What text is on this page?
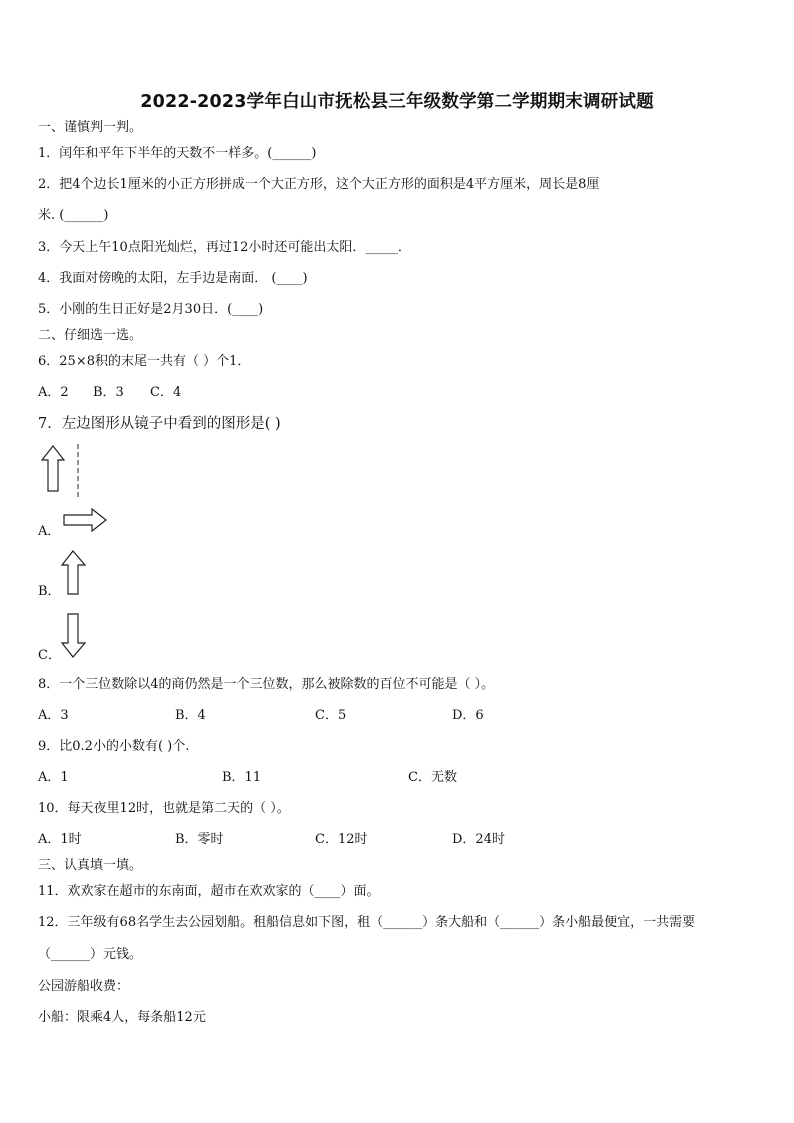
2022-2023学年白山市抚松县三年级数学第二学期期末调研试题
一、谨慎判一判。
1．闰年和平年下半年的天数不一样多。(______)
2．把4个边长1厘米的小正方形拼成一个大正方形，这个大正方形的面积是4平方厘米，周长是8厘
米. (______)
3．今天上午10点阳光灿烂，再过12小时还可能出太阳．_____．
4．我面对傍晚的太阳，左手边是南面． (____)
5．小刚的生日正好是2月30日．(____)
二、仔细选一选。
6．25×8积的末尾一共有（ ）个1．
A．2 B．3 C．4
7．左边图形从镜子中看到的图形是( )
A．
B．
C．
8．一个三位数除以4的商仍然是一个三位数，那么被除数的百位不可能是（ ）。
A．3	B．4	C．5	D．6
9．比0.2小的小数有( )个.
A．1	B．11	C．无数
10．每天夜里12时，也就是第二天的（ ）。
A．1时	B．零时	C．12时	D．24时
三、认真填一填。
11．欢欢家在超市的东南面，超市在欢欢家的（____）面。
12．三年级有68名学生去公园划船。租船信息如下图，租（______）条大船和（______）条小船最便宜，一共需要
（______）元钱。
公园游船收费：
小船：限乘4人，每条船12元
